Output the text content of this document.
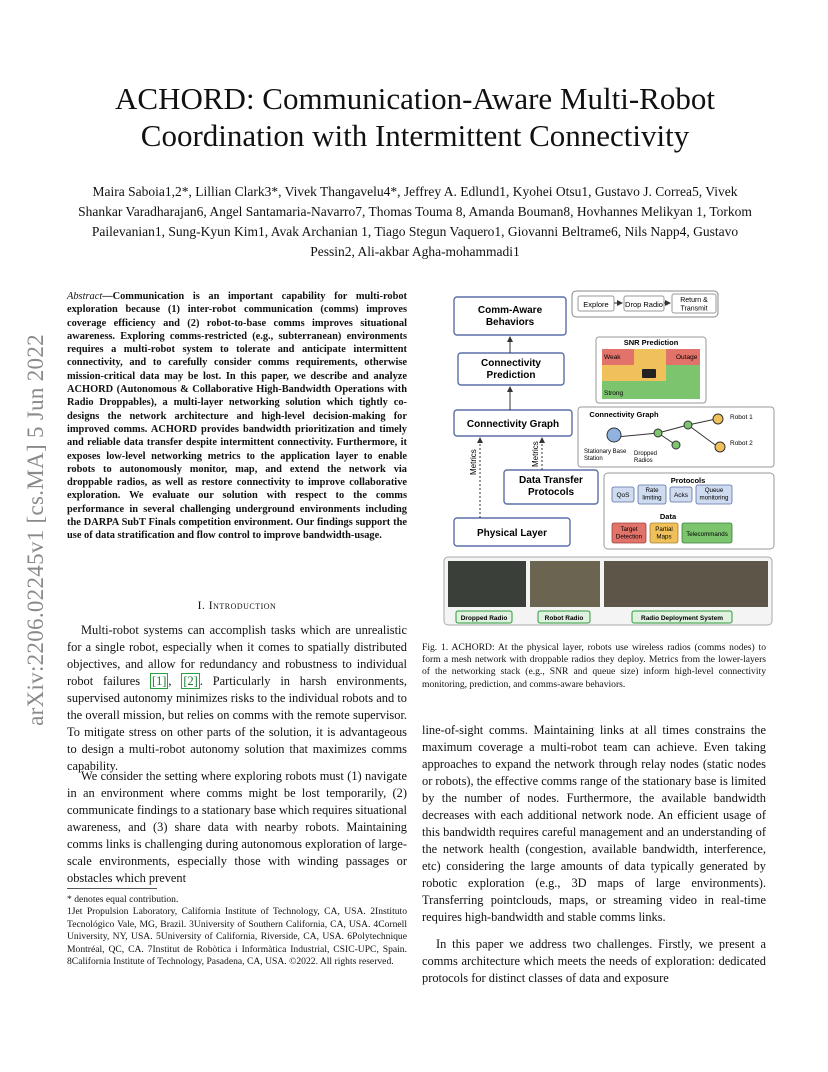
ACHORD: Communication-Aware Multi-Robot Coordination with Intermittent Connectivity
Maira Saboia1,2*, Lillian Clark3*, Vivek Thangavelu4*, Jeffrey A. Edlund1, Kyohei Otsu1, Gustavo J. Correa5, Vivek Shankar Varadharajan6, Angel Santamaria-Navarro7, Thomas Touma 8, Amanda Bouman8, Hovhannes Melikyan 1, Torkom Pailevanian1, Sung-Kyun Kim1, Avak Archanian 1, Tiago Stegun Vaquero1, Giovanni Beltrame6, Nils Napp4, Gustavo Pessin2, Ali-akbar Agha-mohammadi1
arXiv:2206.02245v1 [cs.MA] 5 Jun 2022
Abstract—Communication is an important capability for multi-robot exploration because (1) inter-robot communication (comms) improves coverage efficiency and (2) robot-to-base comms improves situational awareness. Exploring comms-restricted (e.g., subterranean) environments requires a multi-robot system to tolerate and anticipate intermittent connectivity, and to carefully consider comms requirements, otherwise mission-critical data may be lost. In this paper, we describe and analyze ACHORD (Autonomous & Collaborative High-Bandwidth Operations with Radio Droppables), a multi-layer networking solution which tightly co-designs the network architecture and high-level decision-making for improved comms. ACHORD provides bandwidth prioritization and timely and reliable data transfer despite intermittent connectivity. Furthermore, it exposes low-level networking metrics to the application layer to enable robots to autonomously monitor, map, and extend the network via droppable radios, as well as restore connectivity to improve collaborative exploration. We evaluate our solution with respect to the comms performance in several challenging underground environments including the DARPA SubT Finals competition environment. Our findings support the use of data stratification and flow control to improve bandwidth-usage.
I. Introduction
Multi-robot systems can accomplish tasks which are unrealistic for a single robot, especially when it comes to spatially distributed objectives, and allow for redundancy and robustness to individual robot failures [1] , [2] . Particularly in harsh environments, supervised autonomy minimizes risks to the individual robots and to the overall mission, but relies on comms with the remote supervisor. To mitigate stress on other parts of the solution, it is advantageous to design a multi-robot autonomy solution that maximizes comms capability.
We consider the setting where exploring robots must (1) navigate in an environment where comms might be lost temporarily, (2) communicate findings to a stationary base which requires situational awareness, and (3) share data with nearby robots. Maintaining comms links is challenging during autonomous exploration of large-scale environments, especially those with winding passages or obstacles which prevent
* denotes equal contribution.
1Jet Propulsion Laboratory, California Institute of Technology, CA, USA. 2Instituto Tecnológico Vale, MG, Brazil. 3University of Southern California, CA, USA. 4Cornell University, NY, USA. 5University of California, Riverside, CA, USA. 6Polytechnique Montréal, QC, CA. 7Institut de Robòtica i Informàtica Industrial, CSIC-UPC, Spain. 8California Institute of Technology, Pasadena, CA, USA. ©2022. All rights reserved.
Comm-Aware Behaviors
Connectivity Prediction
Connectivity Graph
Data Transfer Protocols
Physical Layer
Metrics	Metrics
Explore Drop Radio Return & Transmit
SNR Prediction
Weak	Outage
Strong
Connectivity Graph	Robot 1
Robot 2
Stationary Base Station
Dropped Radios
Protocols
QoS
Rate limiting Acks
Queue monitoring
Data
Target Detection
Partial Maps Telecommands
Dropped Radio	Robot Radio	Radio Deployment System
Fig. 1. ACHORD: At the physical layer, robots use wireless radios (comms nodes) to form a mesh network with droppable radios they deploy. Metrics from the lower-layers of the networking stack (e.g., SNR and queue size) inform high-level connectivity monitoring, prediction, and comms-aware behaviors.
line-of-sight comms. Maintaining links at all times constrains the maximum coverage a multi-robot team can achieve. Even taking approaches to expand the network through relay nodes (static nodes or robots), the effective comms range of the stationary base is limited by the number of nodes. Furthermore, the available bandwidth decreases with each additional network node. An efficient usage of this bandwidth requires careful management and an understanding of the network health (congestion, available bandwidth, interference, etc) considering the large amounts of data typically generated by robotic exploration (e.g., 3D maps of large environments). Transferring pointclouds, maps, or streaming video in real-time requires high-bandwidth and stable comms links.
In this paper we address two challenges. Firstly, we present a comms architecture which meets the needs of exploration: dedicated protocols for distinct classes of data and exposure
